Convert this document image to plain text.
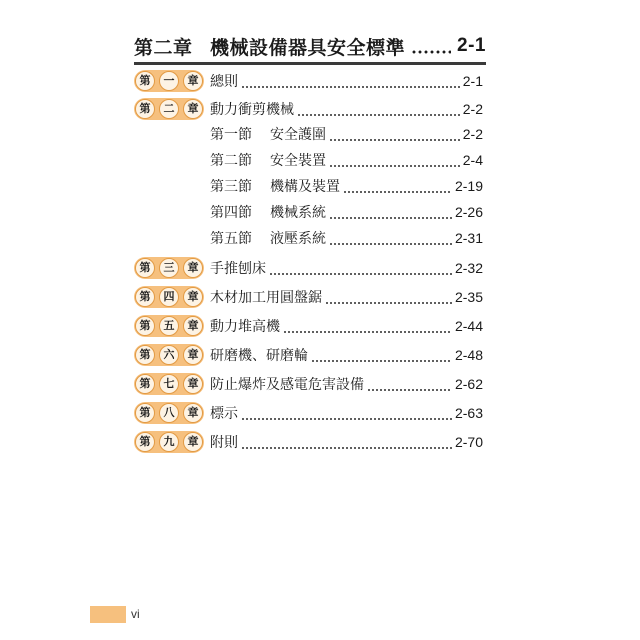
第二章 機械設備器具安全標準	2-1
第	一	章 總則	2-1
第	二	章 動力衝剪機械	2-2
第一節	安全護圍	2-2
第二節	安全裝置	2-4
第三節	機構及裝置	2-19
第四節	機械系統	2-26
第五節	液壓系統	2-31
第	三	章 手推刨床	2-32
第	四	章 木材加工用圓盤鋸	2-35
第	五	章 動力堆高機	2-44
第	六	章 研磨機、研磨輪	2-48
第	七	章 防止爆炸及感電危害設備	2-62
第	八	章 標示	2-63
第	九	章 附則	2-70
vi
